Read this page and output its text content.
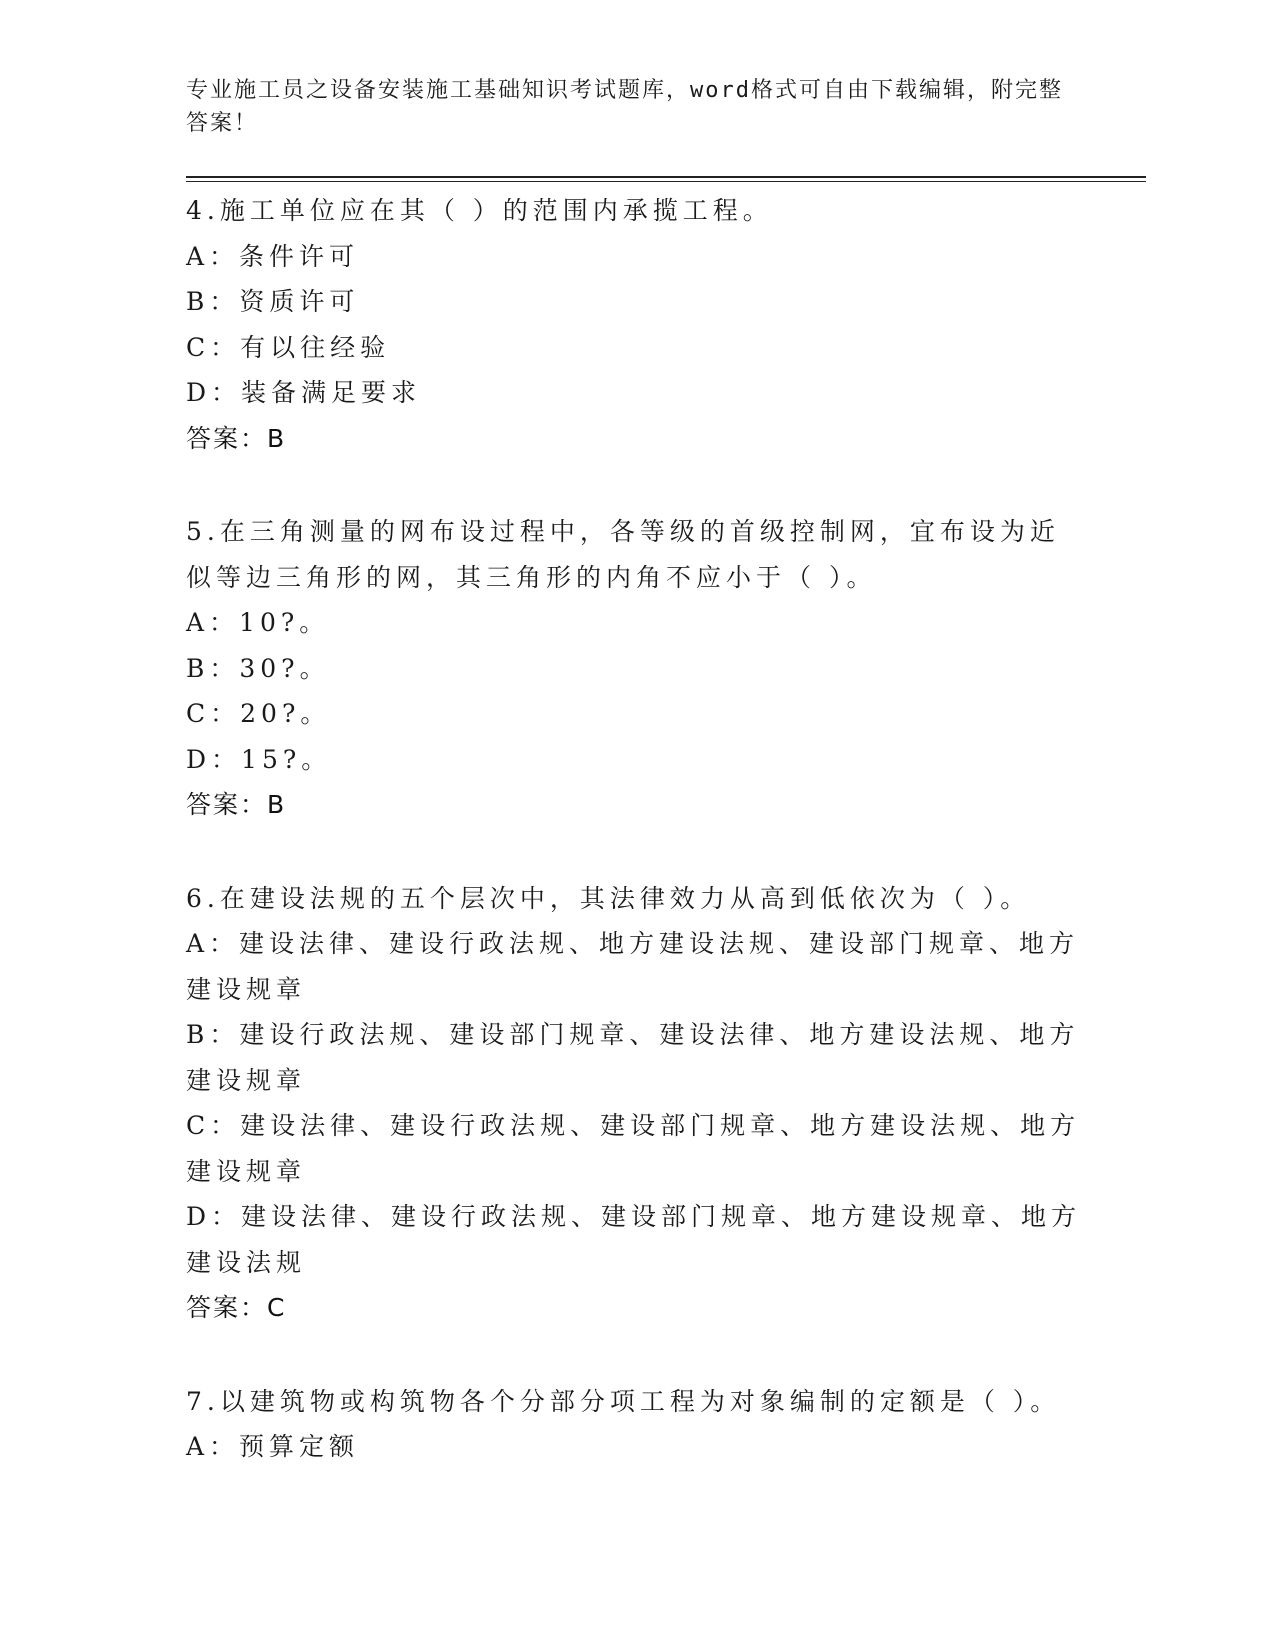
专业施工员之设备安装施工基础知识考试题库，word格式可自由下载编辑，附完整答案！

4.施工单位应在其（ ）的范围内承揽工程。

A：条件许可

B：资质许可

C：有以往经验

D：装备满足要求

答案：B

5.在三角测量的网布设过程中，各等级的首级控制网，宜布设为近似等边三角形的网，其三角形的内角不应小于（ ）。

A：10?。

B：30?。

C：20?。

D：15?。

答案：B

6.在建设法规的五个层次中，其法律效力从高到低依次为（ ）。

A：建设法律、建设行政法规、地方建设法规、建设部门规章、地方建设规章

B：建设行政法规、建设部门规章、建设法律、地方建设法规、地方建设规章

C：建设法律、建设行政法规、建设部门规章、地方建设法规、地方建设规章

D：建设法律、建设行政法规、建设部门规章、地方建设规章、地方建设法规

答案：C

7.以建筑物或构筑物各个分部分项工程为对象编制的定额是（ ）。

A：预算定额
